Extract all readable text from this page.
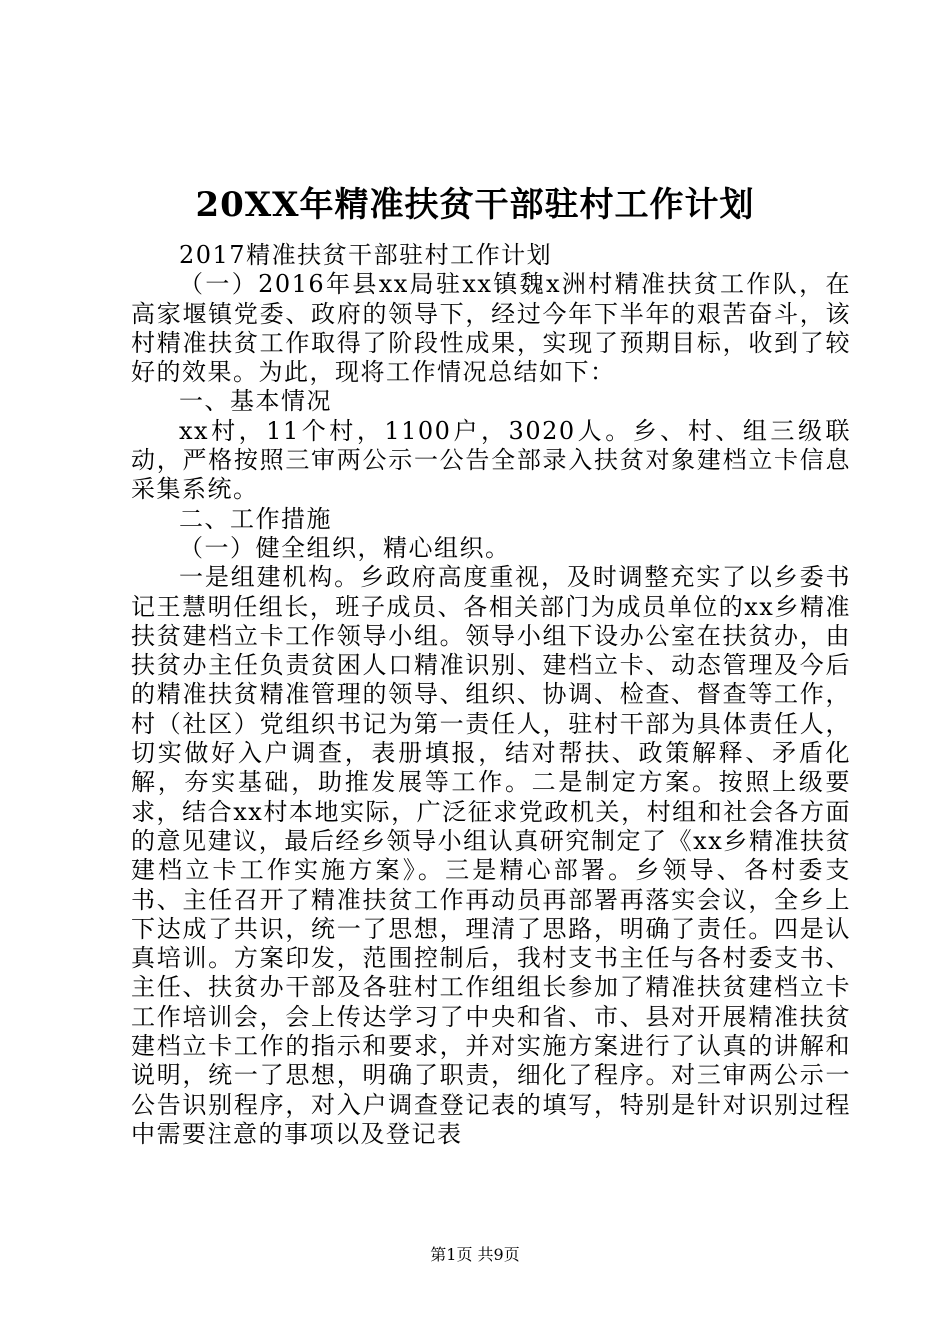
20XX年精准扶贫干部驻村工作计划

2017精准扶贫干部驻村工作计划

（一）2016年县xx局驻xx镇魏x洲村精准扶贫工作队，在高家堰镇党委、政府的领导下，经过今年下半年的艰苦奋斗，该村精准扶贫工作取得了阶段性成果，实现了预期目标，收到了较好的效果。为此，现将工作情况总结如下：

一、基本情况

xx村，11个村，1100户，3020人。乡、村、组三级联动，严格按照三审两公示一公告全部录入扶贫对象建档立卡信息采集系统。

二、工作措施

（一）健全组织，精心组织。

一是组建机构。乡政府高度重视，及时调整充实了以乡委书记王慧明任组长，班子成员、各相关部门为成员单位的xx乡精准扶贫建档立卡工作领导小组。领导小组下设办公室在扶贫办，由扶贫办主任负责贫困人口精准识别、建档立卡、动态管理及今后的精准扶贫精准管理的领导、组织、协调、检查、督查等工作，村（社区）党组织书记为第一责任人，驻村干部为具体责任人，切实做好入户调查，表册填报，结对帮扶、政策解释、矛盾化解，夯实基础，助推发展等工作。二是制定方案。按照上级要求，结合xx村本地实际，广泛征求党政机关，村组和社会各方面的意见建议，最后经乡领导小组认真研究制定了《xx乡精准扶贫建档立卡工作实施方案》。三是精心部署。乡领导、各村委支书、主任召开了精准扶贫工作再动员再部署再落实会议，全乡上下达成了共识，统一了思想，理清了思路，明确了责任。四是认真培训。方案印发，范围控制后，我村支书主任与各村委支书、主任、扶贫办干部及各驻村工作组组长参加了精准扶贫建档立卡工作培训会，会上传达学习了中央和省、市、县对开展精准扶贫建档立卡工作的指示和要求，并对实施方案进行了认真的讲解和说明，统一了思想，明确了职责，细化了程序。对三审两公示一公告识别程序，对入户调查登记表的填写，特别是针对识别过程中需要注意的事项以及登记表

第1页 共9页
